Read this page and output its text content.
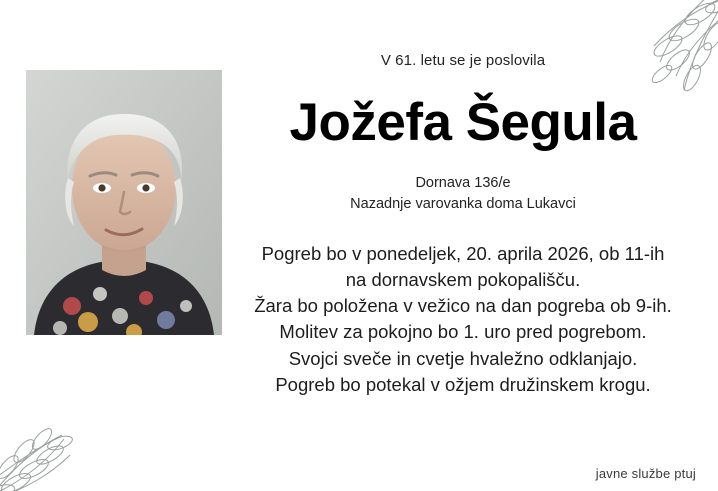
V 61. letu se je poslovila
Jožefa Šegula
Dornava 136/e
Nazadnje varovanka doma Lukavci
Pogreb bo v ponedeljek, 20. aprila 2026, ob 11-ih
na dornavskem pokopališču.
Žara bo položena v vežico na dan pogreba ob 9-ih.
Molitev za pokojno bo 1. uro pred pogrebom.
Svojci sveče in cvetje hvaležno odklanjajo.
Pogreb bo potekal v ožjem družinskem krogu.
javne službe ptuj
